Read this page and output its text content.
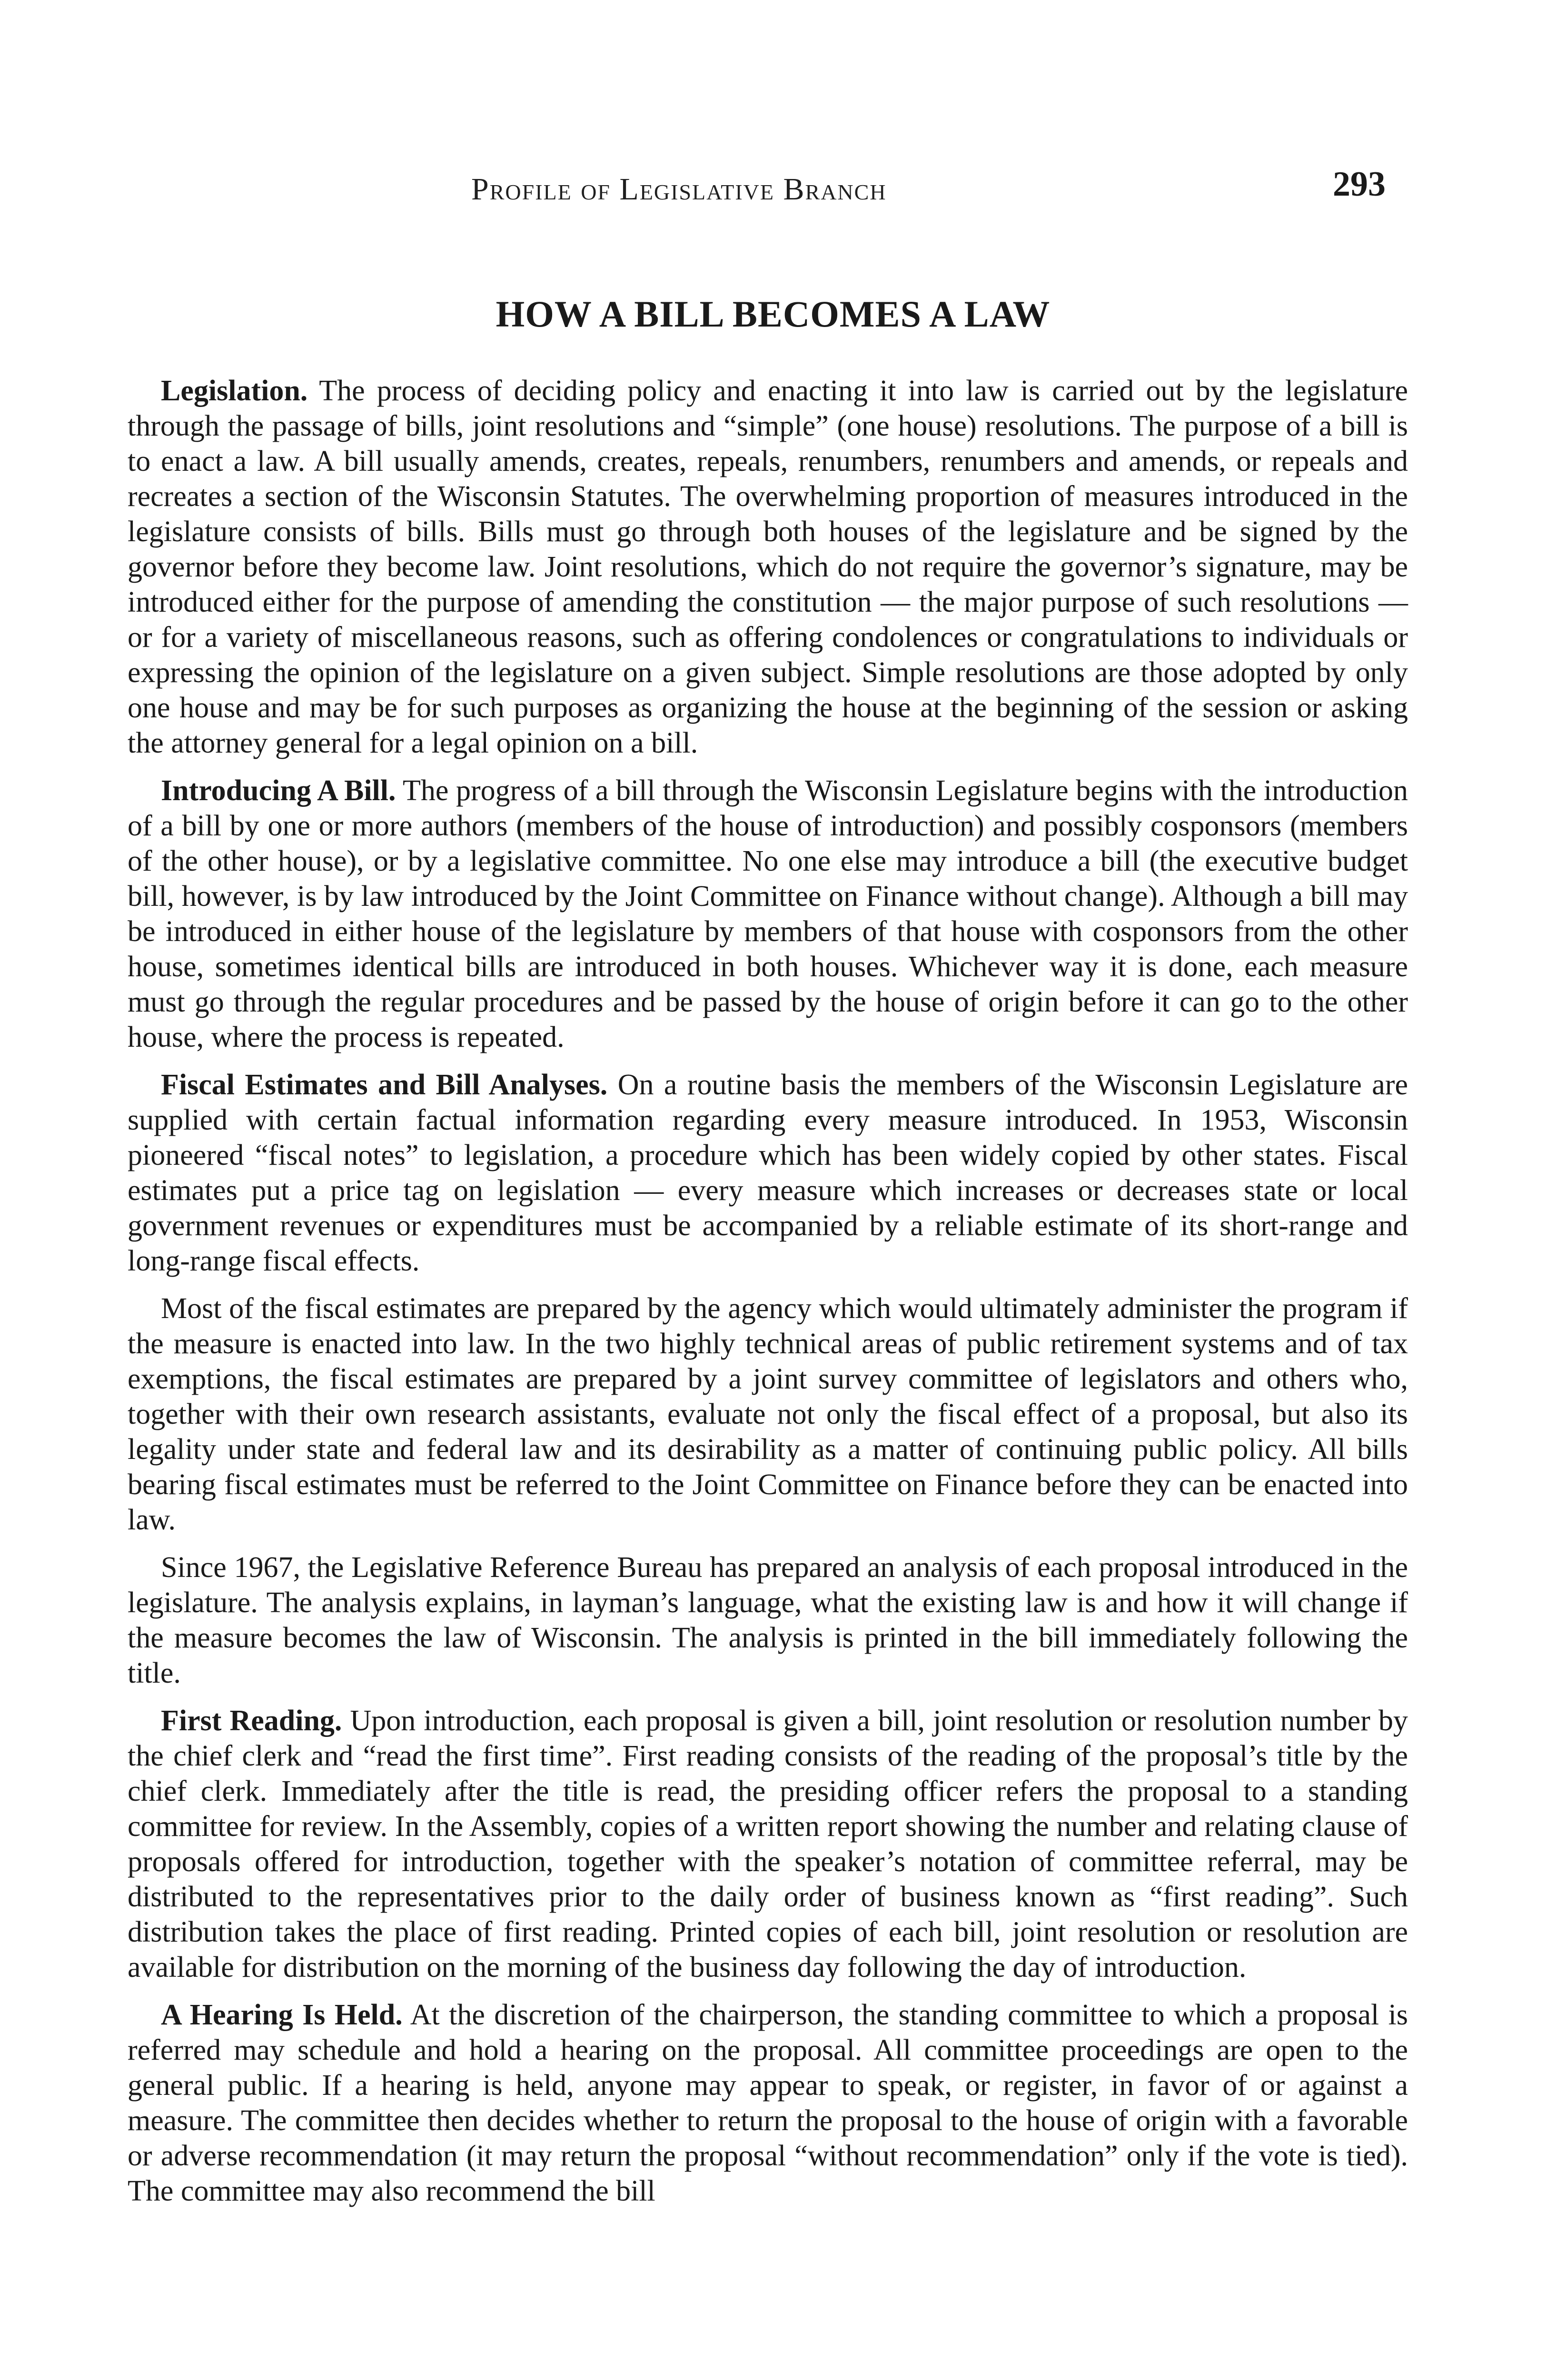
Profile of Legislative Branch	293
HOW A BILL BECOMES A LAW

Legislation. The process of deciding policy and enacting it into law is carried out by the legislature through the passage of bills, joint resolutions and “simple” (one house) resolutions. The purpose of a bill is to enact a law. A bill usually amends, creates, repeals, renumbers, renumbers and amends, or repeals and recreates a section of the Wisconsin Statutes. The overwhelming proportion of measures introduced in the legislature consists of bills. Bills must go through both houses of the legislature and be signed by the governor before they become law. Joint resolutions, which do not require the governor’s signature, may be introduced either for the purpose of amending the constitution — the major purpose of such resolutions — or for a variety of miscellaneous reasons, such as offering condolences or congratulations to individuals or expressing the opinion of the legislature on a given subject. Simple resolutions are those adopted by only one house and may be for such purposes as organizing the house at the beginning of the session or asking the attorney general for a legal opinion on a bill.

Introducing A Bill. The progress of a bill through the Wisconsin Legislature begins with the introduction of a bill by one or more authors (members of the house of introduction) and possibly cosponsors (members of the other house), or by a legislative committee. No one else may introduce a bill (the executive budget bill, however, is by law introduced by the Joint Committee on Finance without change). Although a bill may be introduced in either house of the legislature by members of that house with cosponsors from the other house, sometimes identical bills are introduced in both houses. Whichever way it is done, each measure must go through the regular procedures and be passed by the house of origin before it can go to the other house, where the process is repeated.

Fiscal Estimates and Bill Analyses. On a routine basis the members of the Wisconsin Legislature are supplied with certain factual information regarding every measure introduced. In 1953, Wisconsin pioneered “fiscal notes” to legislation, a procedure which has been widely copied by other states. Fiscal estimates put a price tag on legislation — every measure which increases or decreases state or local government revenues or expenditures must be accompanied by a reliable estimate of its short-range and long-range fiscal effects.

Most of the fiscal estimates are prepared by the agency which would ultimately administer the program if the measure is enacted into law. In the two highly technical areas of public retirement systems and of tax exemptions, the fiscal estimates are prepared by a joint survey committee of legislators and others who, together with their own research assistants, evaluate not only the fiscal effect of a proposal, but also its legality under state and federal law and its desirability as a matter of continuing public policy. All bills bearing fiscal estimates must be referred to the Joint Committee on Finance before they can be enacted into law.

Since 1967, the Legislative Reference Bureau has prepared an analysis of each proposal introduced in the legislature. The analysis explains, in layman’s language, what the existing law is and how it will change if the measure becomes the law of Wisconsin. The analysis is printed in the bill immediately following the title.

First Reading. Upon introduction, each proposal is given a bill, joint resolution or resolution number by the chief clerk and “read the first time”. First reading consists of the reading of the proposal’s title by the chief clerk. Immediately after the title is read, the presiding officer refers the proposal to a standing committee for review. In the Assembly, copies of a written report showing the number and relating clause of proposals offered for introduction, together with the speaker’s notation of committee referral, may be distributed to the representatives prior to the daily order of business known as “first reading”. Such distribution takes the place of first reading. Printed copies of each bill, joint resolution or resolution are available for distribution on the morning of the business day following the day of introduction.

A Hearing Is Held. At the discretion of the chairperson, the standing committee to which a proposal is referred may schedule and hold a hearing on the proposal. All committee proceedings are open to the general public. If a hearing is held, anyone may appear to speak, or register, in favor of or against a measure. The committee then decides whether to return the proposal to the house of origin with a favorable or adverse recommendation (it may return the proposal “without recommendation” only if the vote is tied). The committee may also recommend the bill
